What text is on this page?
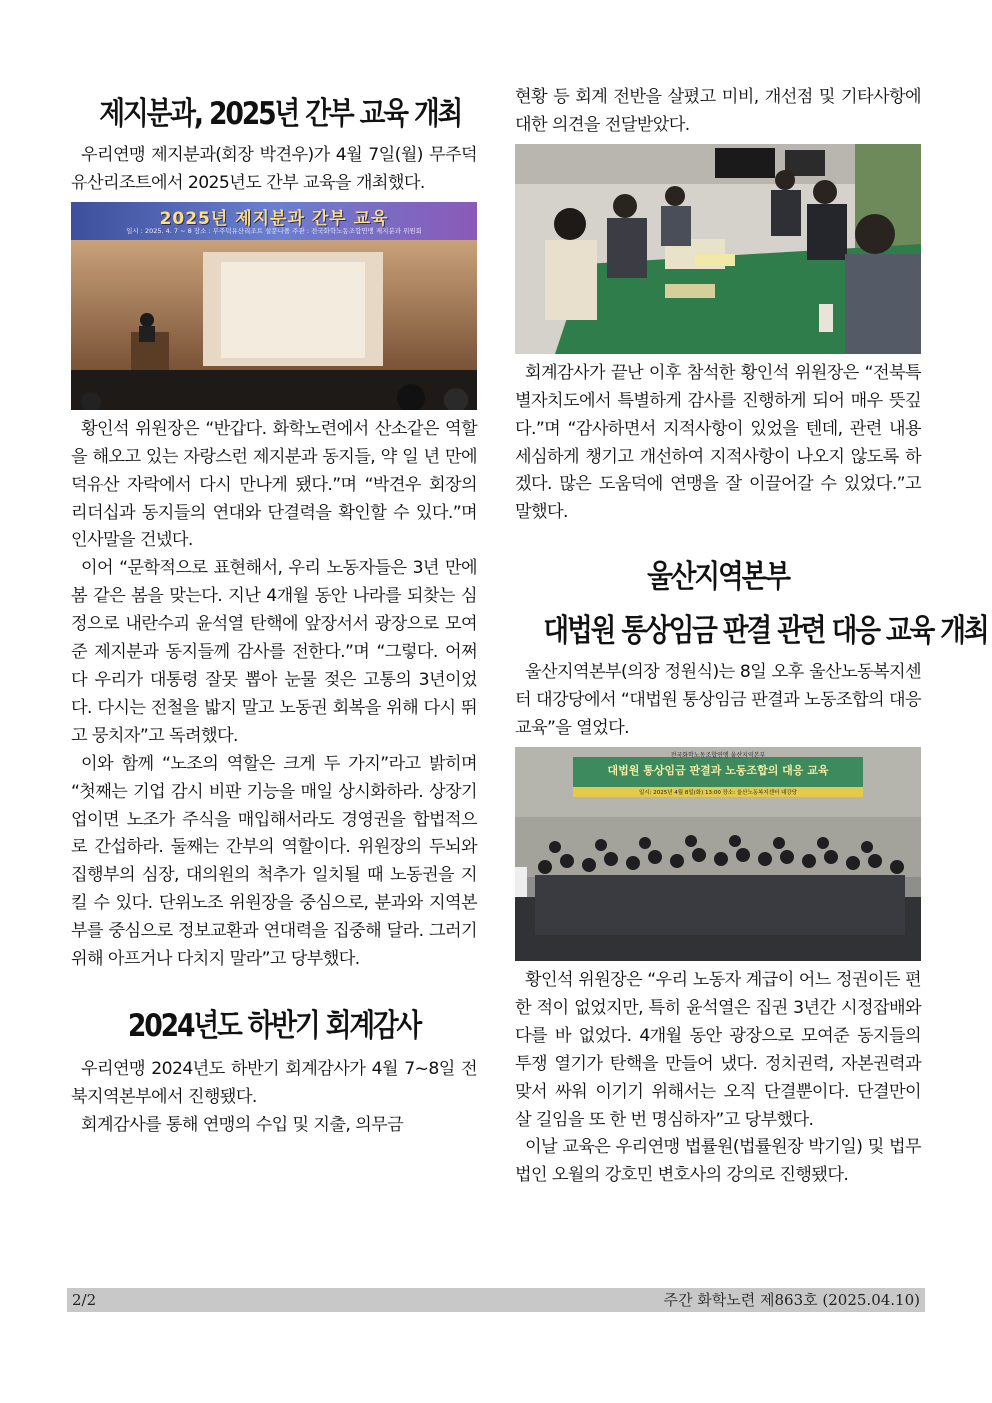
제지분과, 2025년 간부 교육 개최

우리연맹 제지분과(회장 박견우)가 4월 7일(월) 무주덕유산리조트에서 2025년도 간부 교육을 개최했다.

2025년 제지분과 간부 교육
일시 : 2025. 4. 7 ~ 8 장소 : 무주덕유산리조트 설문나폴 주관 : 전국화학노동조합연맹 제지분과 위원회

황인석 위원장은 “반갑다. 화학노련에서 산소같은 역할을 해오고 있는 자랑스런 제지분과 동지들, 약 일 년 만에 덕유산 자락에서 다시 만나게 됐다.”며 “박견우 회장의 리더십과 동지들의 연대와 단결력을 확인할 수 있다.”며 인사말을 건넸다.

이어 “문학적으로 표현해서, 우리 노동자들은 3년 만에 봄 같은 봄을 맞는다. 지난 4개월 동안 나라를 되찾는 심정으로 내란수괴 윤석열 탄핵에 앞장서서 광장으로 모여준 제지분과 동지들께 감사를 전한다.”며 “그렇다. 어쩌다 우리가 대통령 잘못 뽑아 눈물 젖은 고통의 3년이었다. 다시는 전철을 밟지 말고 노동권 회복을 위해 다시 뛰고 뭉치자”고 독려했다.

이와 함께 “노조의 역할은 크게 두 가지”라고 밝히며 “첫째는 기업 감시 비판 기능을 매일 상시화하라. 상장기업이면 노조가 주식을 매입해서라도 경영권을 합법적으로 간섭하라. 둘째는 간부의 역할이다. 위원장의 두뇌와 집행부의 심장, 대의원의 척추가 일치될 때 노동권을 지킬 수 있다. 단위노조 위원장을 중심으로, 분과와 지역본부를 중심으로 정보교환과 연대력을 집중해 달라. 그러기 위해 아프거나 다치지 말라”고 당부했다.

2024년도 하반기 회계감사

우리연맹 2024년도 하반기 회계감사가 4월 7~8일 전북지역본부에서 진행됐다.

회계감사를 통해 연맹의 수입 및 지출, 의무금

현황 등 회계 전반을 살폈고 미비, 개선점 및 기타사항에 대한 의견을 전달받았다.

회계감사가 끝난 이후 참석한 황인석 위원장은 “전북특별자치도에서 특별하게 감사를 진행하게 되어 매우 뜻깊다.”며 “감사하면서 지적사항이 있었을 텐데, 관련 내용 세심하게 챙기고 개선하여 지적사항이 나오지 않도록 하겠다. 많은 도움덕에 연맹을 잘 이끌어갈 수 있었다.”고 말했다.

울산지역본부
대법원 통상임금 판결 관련 대응 교육 개최

울산지역본부(의장 정원식)는 8일 오후 울산노동복지센터 대강당에서 “대법원 통상임금 판결과 노동조합의 대응 교육”을 열었다.

전국화학노동조합연맹 울산지역본부
대법원 통상임금 판결과 노동조합의 대응 교육
일시: 2025년 4월 8일(화) 13:00 장소: 울산노동복지센터 대강당

황인석 위원장은 “우리 노동자 계급이 어느 정권이든 편한 적이 없었지만, 특히 윤석열은 집권 3년간 시정잡배와 다를 바 없었다. 4개월 동안 광장으로 모여준 동지들의 투쟁 열기가 탄핵을 만들어 냈다. 정치권력, 자본권력과 맞서 싸워 이기기 위해서는 오직 단결뿐이다. 단결만이 살 길임을 또 한 번 명심하자”고 당부했다.

이날 교육은 우리연맹 법률원(법률원장 박기일) 및 법무법인 오월의 강호민 변호사의 강의로 진행됐다.

2/2	주간 화학노련 제863호 (2025.04.10)
